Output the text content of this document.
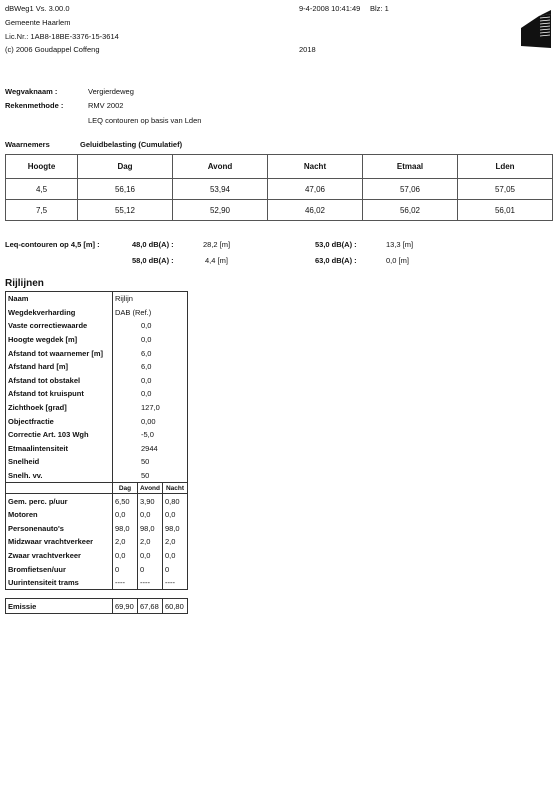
dBWeg1 Vs. 3.00.0
Gemeente Haarlem
Lic.Nr.: 1AB8-18BE-3376-15-3614
(c) 2006 Goudappel Coffeng
9-4-2008 10:41:49 Blz: 1
2018
Wegvaknaam :	Vergierdeweg
Rekenmethode :	RMV 2002
LEQ contouren op basis van Lden
Waarnemers	Geluidbelasting (Cumulatief)
Hoogte	Dag	Avond	Nacht	Etmaal	Lden
4,5	56,16	53,94	47,06	57,06	57,05
7,5	55,12	52,90	46,02	56,02	56,01
Leq-contouren op 4,5 [m] :	48,0 dB(A) :	28,2 [m]	53,0 dB(A) :	13,3 [m]
58,0 dB(A) :	4,4 [m]	63,0 dB(A) :	0,0 [m]
Rijlijnen
Naam	Rijlijn		
Wegdekverharding	DAB (Ref.)		
Vaste correctiewaarde	0,0		
Hoogte wegdek [m]	0,0		
Afstand tot waarnemer [m]	6,0		
Afstand hard [m]	6,0		
Afstand tot obstakel	0,0		
Afstand tot kruispunt	0,0		
Zichthoek [grad]	127,0		
Objectfractie	0,00		
Correctie Art. 103 Wgh	-5,0		
Etmaalintensiteit	2944		
Snelheid	50		
Snelh. vv.	50		
	Dag	Avond	Nacht
Gem. perc. p/uur	6,50	3,90	0,80
Motoren	0,0	0,0	0,0
Personenauto's	98,0	98,0	98,0
Midzwaar vrachtverkeer	2,0	2,0	2,0
Zwaar vrachtverkeer	0,0	0,0	0,0
Bromfietsen/uur	0	0	0
Uurintensiteit trams	----	----	----
Emissie	69,90	67,68	60,80
